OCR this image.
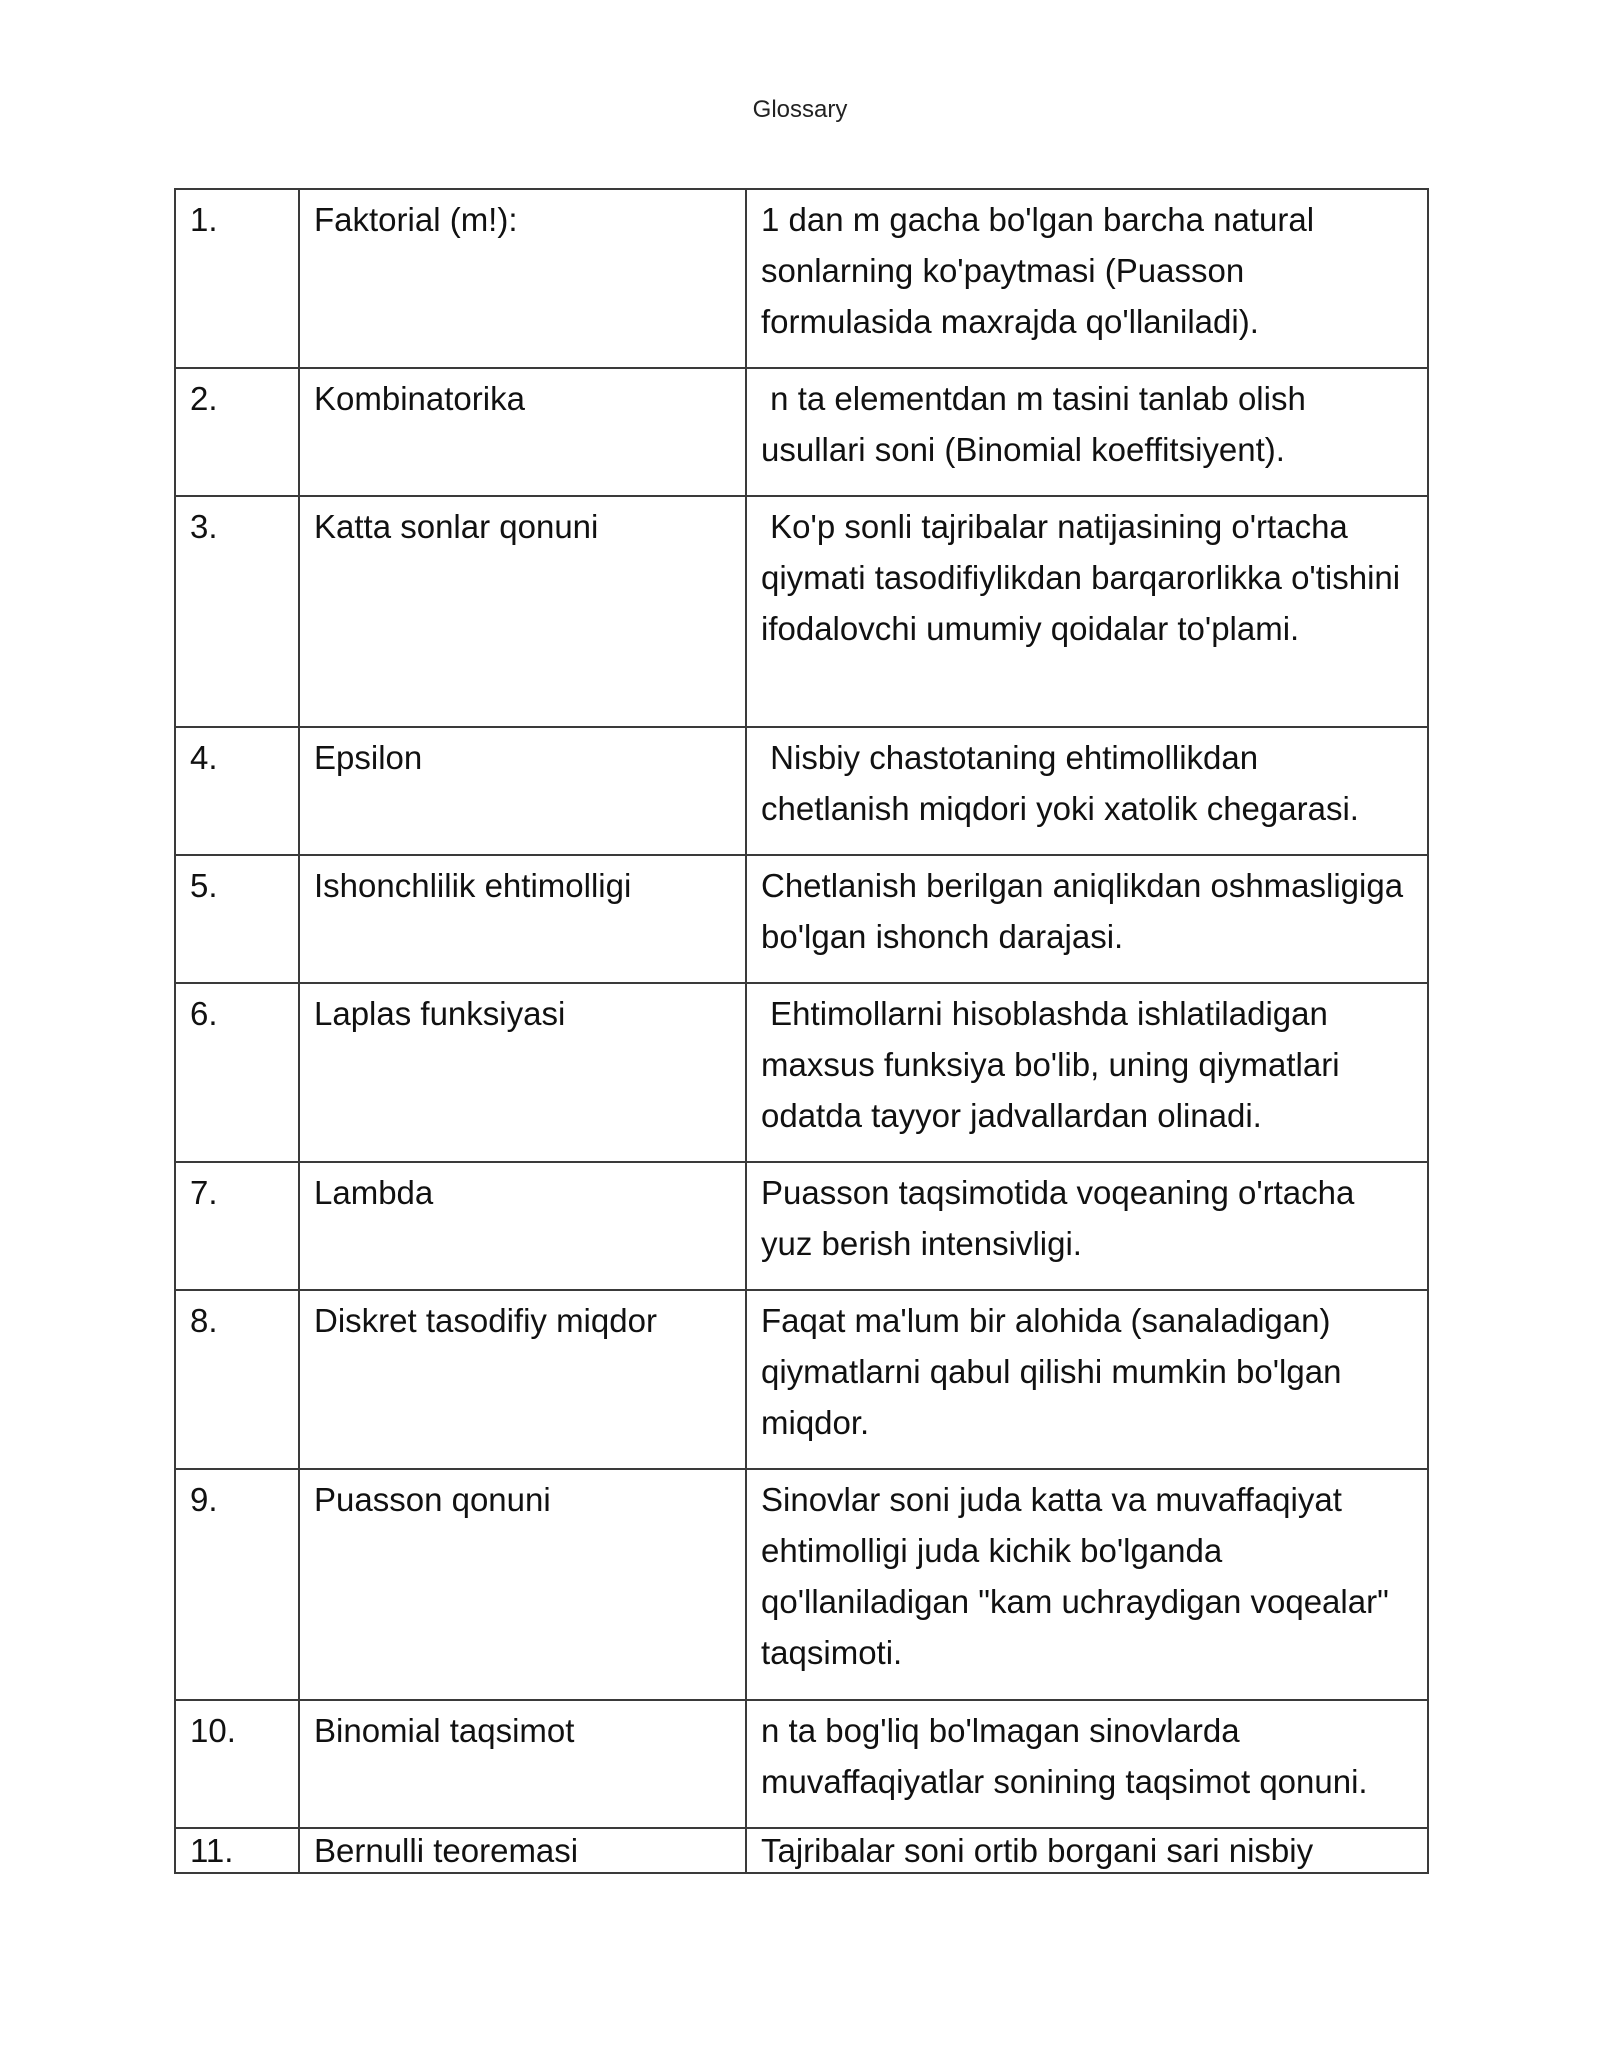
Glossary
1.	Faktorial (m!):	1 dan m gacha bo'lgan barcha natural sonlarning ko'paytmasi (Puasson formulasida maxrajda qo'llaniladi).
2.	Kombinatorika	n ta elementdan m tasini tanlab olish usullari soni (Binomial koeffitsiyent).
3.	Katta sonlar qonuni	Ko'p sonli tajribalar natijasining o'rtacha qiymati tasodifiylikdan barqarorlikka o'tishini ifodalovchi umumiy qoidalar to'plami.
4.	Epsilon	Nisbiy chastotaning ehtimollikdan chetlanish miqdori yoki xatolik chegarasi.
5.	Ishonchlilik ehtimolligi	Chetlanish berilgan aniqlikdan oshmasligiga bo'lgan ishonch darajasi.
6.	Laplas funksiyasi	Ehtimollarni hisoblashda ishlatiladigan maxsus funksiya bo'lib, uning qiymatlari odatda tayyor jadvallardan olinadi.
7.	Lambda	Puasson taqsimotida voqeaning o'rtacha yuz berish intensivligi.
8.	Diskret tasodifiy miqdor	Faqat ma'lum bir alohida (sanaladigan) qiymatlarni qabul qilishi mumkin bo'lgan miqdor.
9.	Puasson qonuni	Sinovlar soni juda katta va muvaffaqiyat ehtimolligi juda kichik bo'lganda qo'llaniladigan "kam uchraydigan voqealar" taqsimoti.
10.	Binomial taqsimot	n ta bog'liq bo'lmagan sinovlarda muvaffaqiyatlar sonining taqsimot qonuni.
11.	Bernulli teoremasi	Tajribalar soni ortib borgani sari nisbiy
